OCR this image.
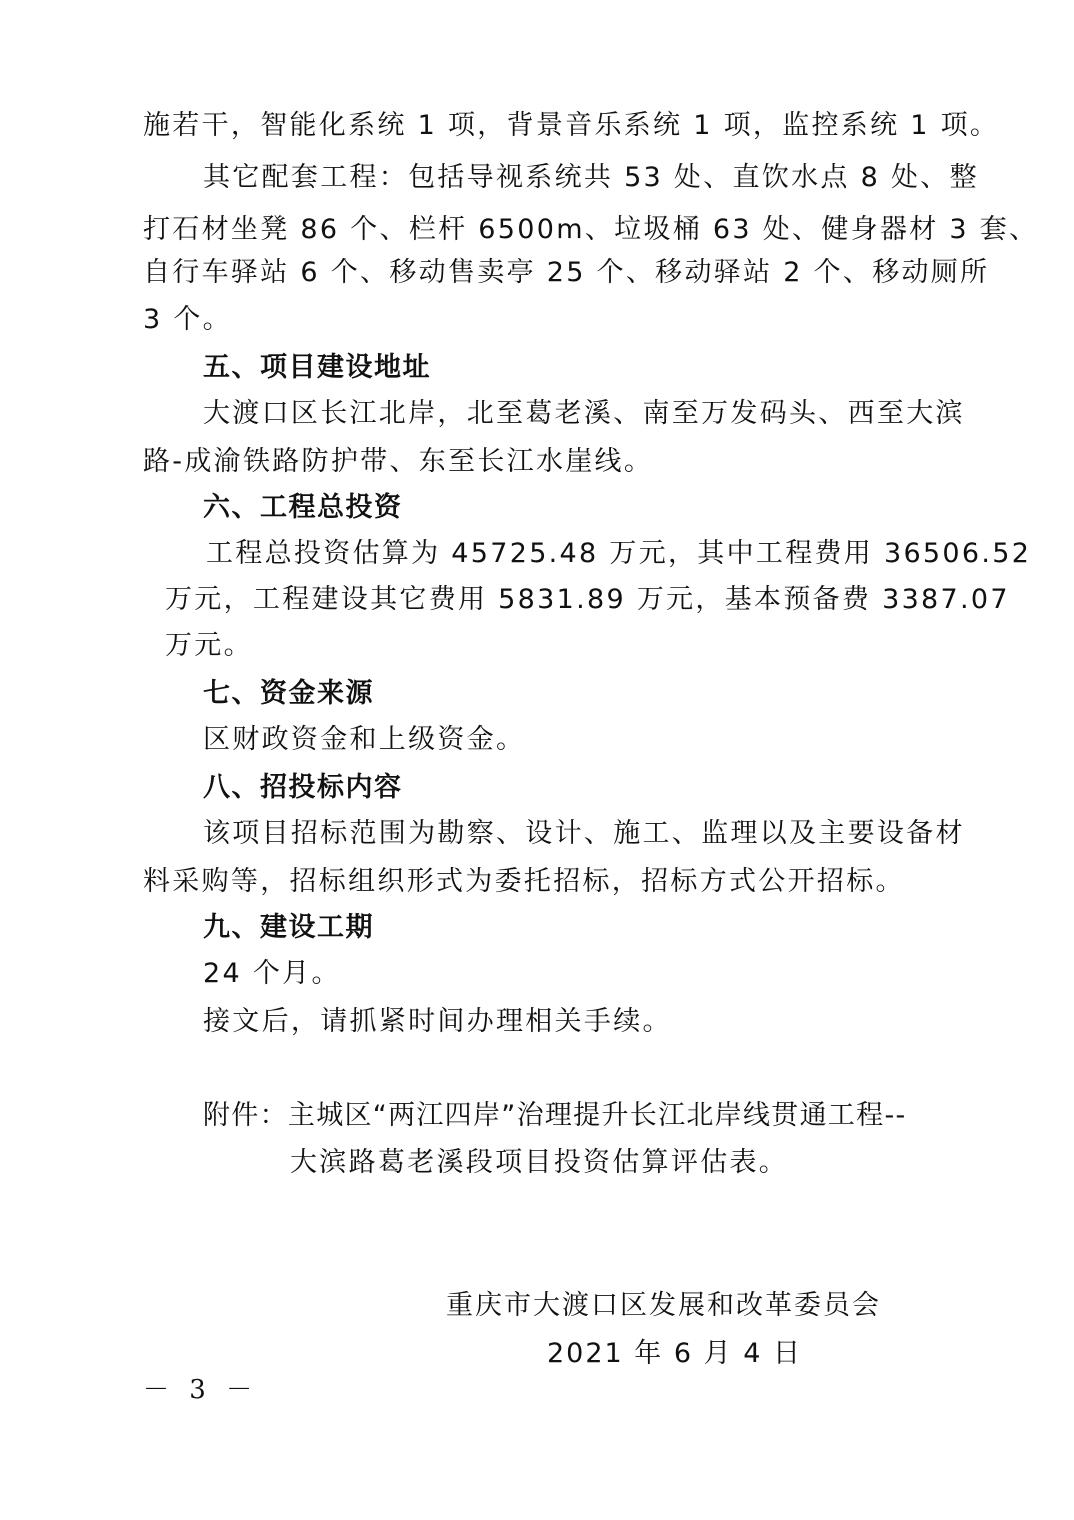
施若干，智能化系统 1 项，背景音乐系统 1 项，监控系统 1 项。
其它配套工程：包括导视系统共 53 处、直饮水点 8 处、整
打石材坐凳 86 个、栏杆 6500m、垃圾桶 63 处、健身器材 3 套、
自行车驿站 6 个、移动售卖亭 25 个、移动驿站 2 个、移动厕所
3 个。
五、项目建设地址
大渡口区长江北岸，北至葛老溪、南至万发码头、西至大滨
路-成渝铁路防护带、东至长江水崖线。
六、工程总投资
工程总投资估算为 45725.48 万元，其中工程费用 36506.52
万元，工程建设其它费用 5831.89 万元，基本预备费 3387.07
万元。
七、资金来源
区财政资金和上级资金。
八、招投标内容
该项目招标范围为勘察、设计、施工、监理以及主要设备材
料采购等，招标组织形式为委托招标，招标方式公开招标。
九、建设工期
24 个月。
接文后，请抓紧时间办理相关手续。
附件：主城区“两江四岸”治理提升长江北岸线贯通工程--
大滨路葛老溪段项目投资估算评估表。
重庆市大渡口区发展和改革委员会
2021 年 6 月 4 日
－ 3 －
